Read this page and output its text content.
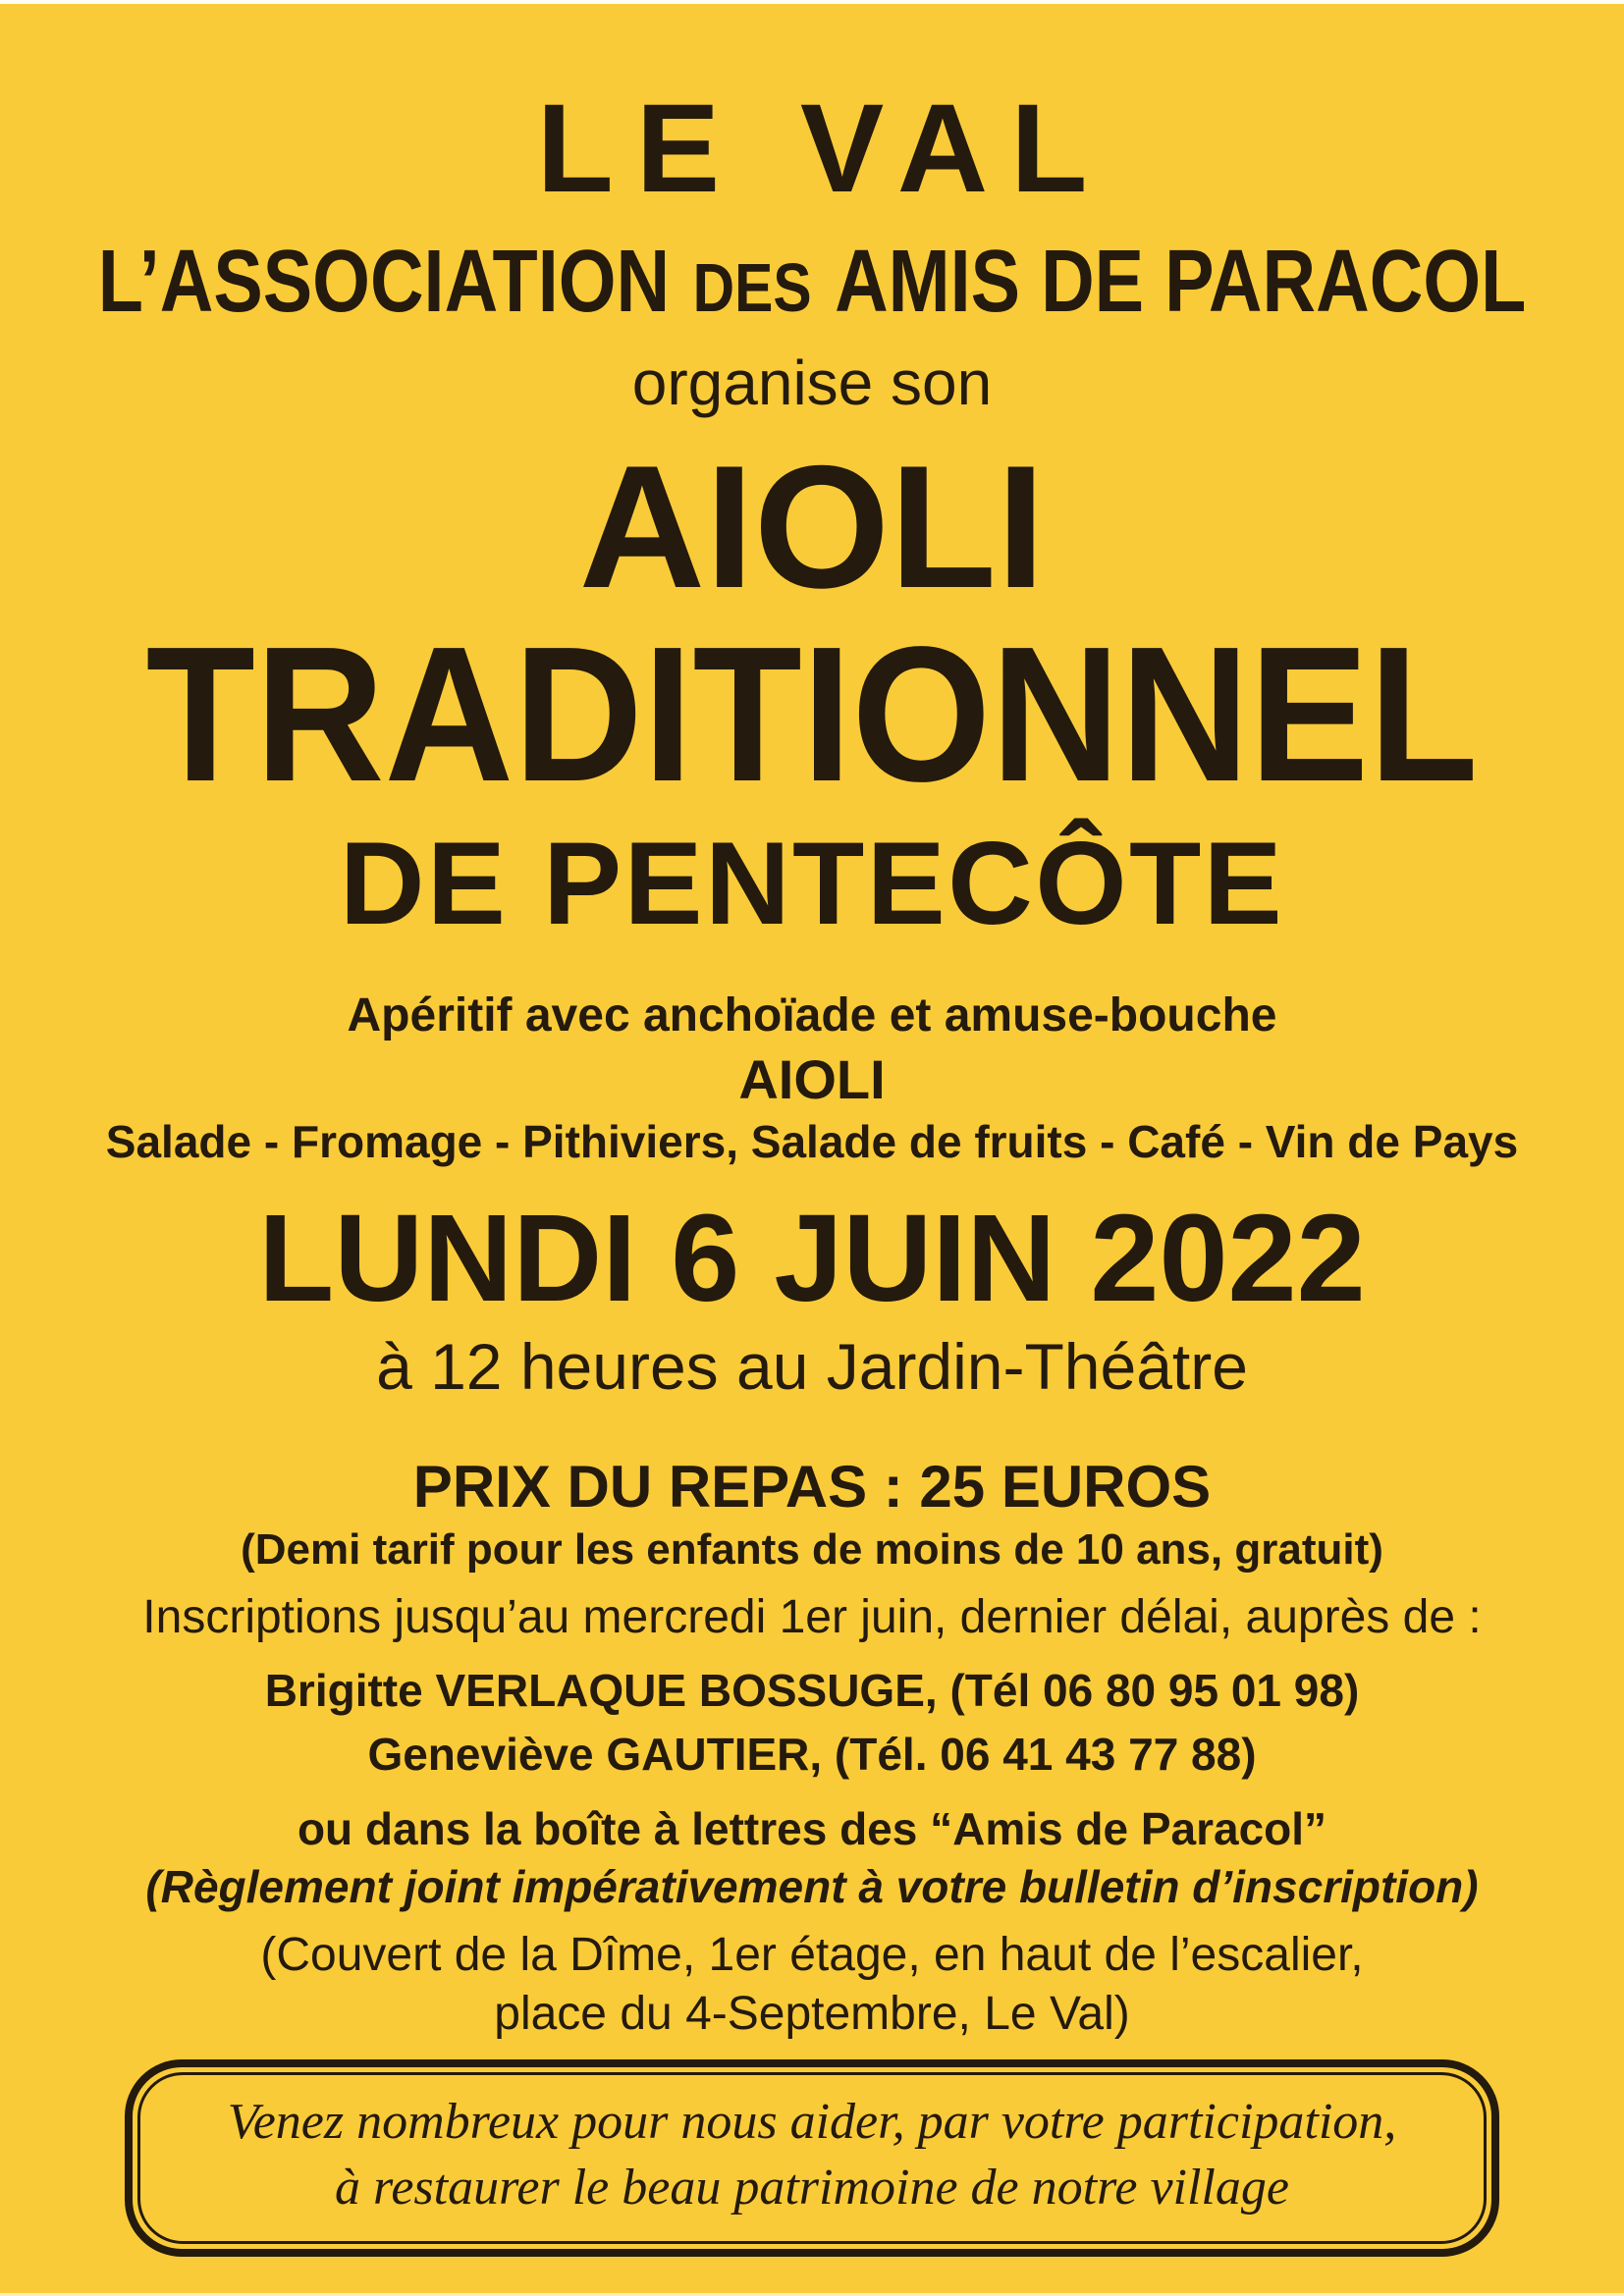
LE VAL
L’ASSOCIATION DES AMIS DE PARACOL
organise son
AIOLI
TRADITIONNEL
DE PENTECÔTE
Apéritif avec anchoïade et amuse-bouche
AIOLI
Salade - Fromage - Pithiviers, Salade de fruits - Café - Vin de Pays
LUNDI 6 JUIN 2022
à 12 heures au Jardin-Théâtre
PRIX DU REPAS : 25 EUROS
(Demi tarif pour les enfants de moins de 10 ans, gratuit)
Inscriptions jusqu’au mercredi 1er juin, dernier délai, auprès de :
Brigitte VERLAQUE BOSSUGE, (Tél 06 80 95 01 98)
Geneviève GAUTIER, (Tél. 06 41 43 77 88)
ou dans la boîte à lettres des “Amis de Paracol”
(Règlement joint impérativement à votre bulletin d’inscription)
(Couvert de la Dîme, 1er étage, en haut de l’escalier,
place du 4-Septembre, Le Val)
Venez nombreux pour nous aider, par votre participation,
à restaurer le beau patrimoine de notre village
